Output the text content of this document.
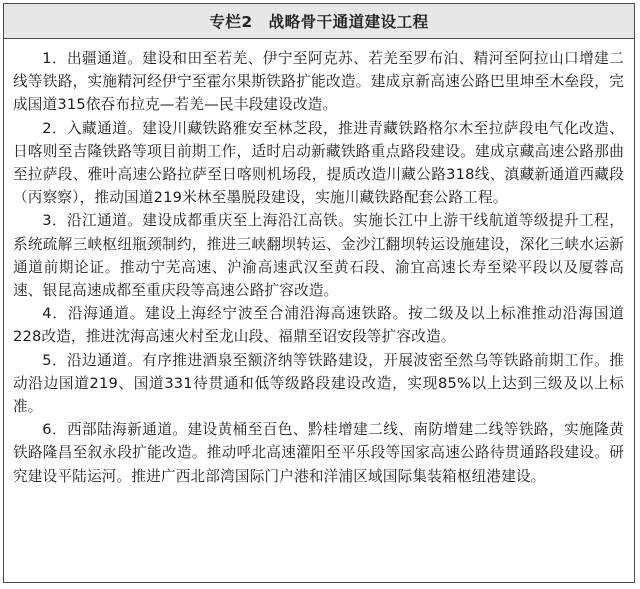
专栏2 战略骨干通道建设工程

1．出疆通道。建设和田至若羌、伊宁至阿克苏、若羌至罗布泊、精河至阿拉山口增建二线等铁路，实施精河经伊宁至霍尔果斯铁路扩能改造。建成京新高速公路巴里坤至木垒段，完成国道315依吞布拉克—若羌—民丰段建设改造。

2．入藏通道。建设川藏铁路雅安至林芝段，推进青藏铁路格尔木至拉萨段电气化改造、日喀则至吉隆铁路等项目前期工作，适时启动新藏铁路重点路段建设。建成京藏高速公路那曲至拉萨段、雅叶高速公路拉萨至日喀则机场段，提质改造川藏公路318线、滇藏新通道西藏段（丙察察），推动国道219米林至墨脱段建设，实施川藏铁路配套公路工程。

3．沿江通道。建设成都重庆至上海沿江高铁。实施长江中上游干线航道等级提升工程，系统疏解三峡枢纽瓶颈制约，推进三峡翻坝转运、金沙江翻坝转运设施建设，深化三峡水运新通道前期论证。推动宁芜高速、沪渝高速武汉至黄石段、渝宜高速长寿至梁平段以及厦蓉高速、银昆高速成都至重庆段等高速公路扩容改造。

4．沿海通道。建设上海经宁波至合浦沿海高速铁路。按二级及以上标准推动沿海国道228改造，推进沈海高速火村至龙山段、福鼎至诏安段等扩容改造。

5．沿边通道。有序推进酒泉至额济纳等铁路建设，开展波密至然乌等铁路前期工作。推动沿边国道219、国道331待贯通和低等级路段建设改造，实现85%以上达到三级及以上标准。

6．西部陆海新通道。建设黄桶至百色、黔桂增建二线、南防增建二线等铁路，实施隆黄铁路隆昌至叙永段扩能改造。推动呼北高速灌阳至平乐段等国家高速公路待贯通路段建设。研究建设平陆运河。推进广西北部湾国际门户港和洋浦区域国际集装箱枢纽港建设。
